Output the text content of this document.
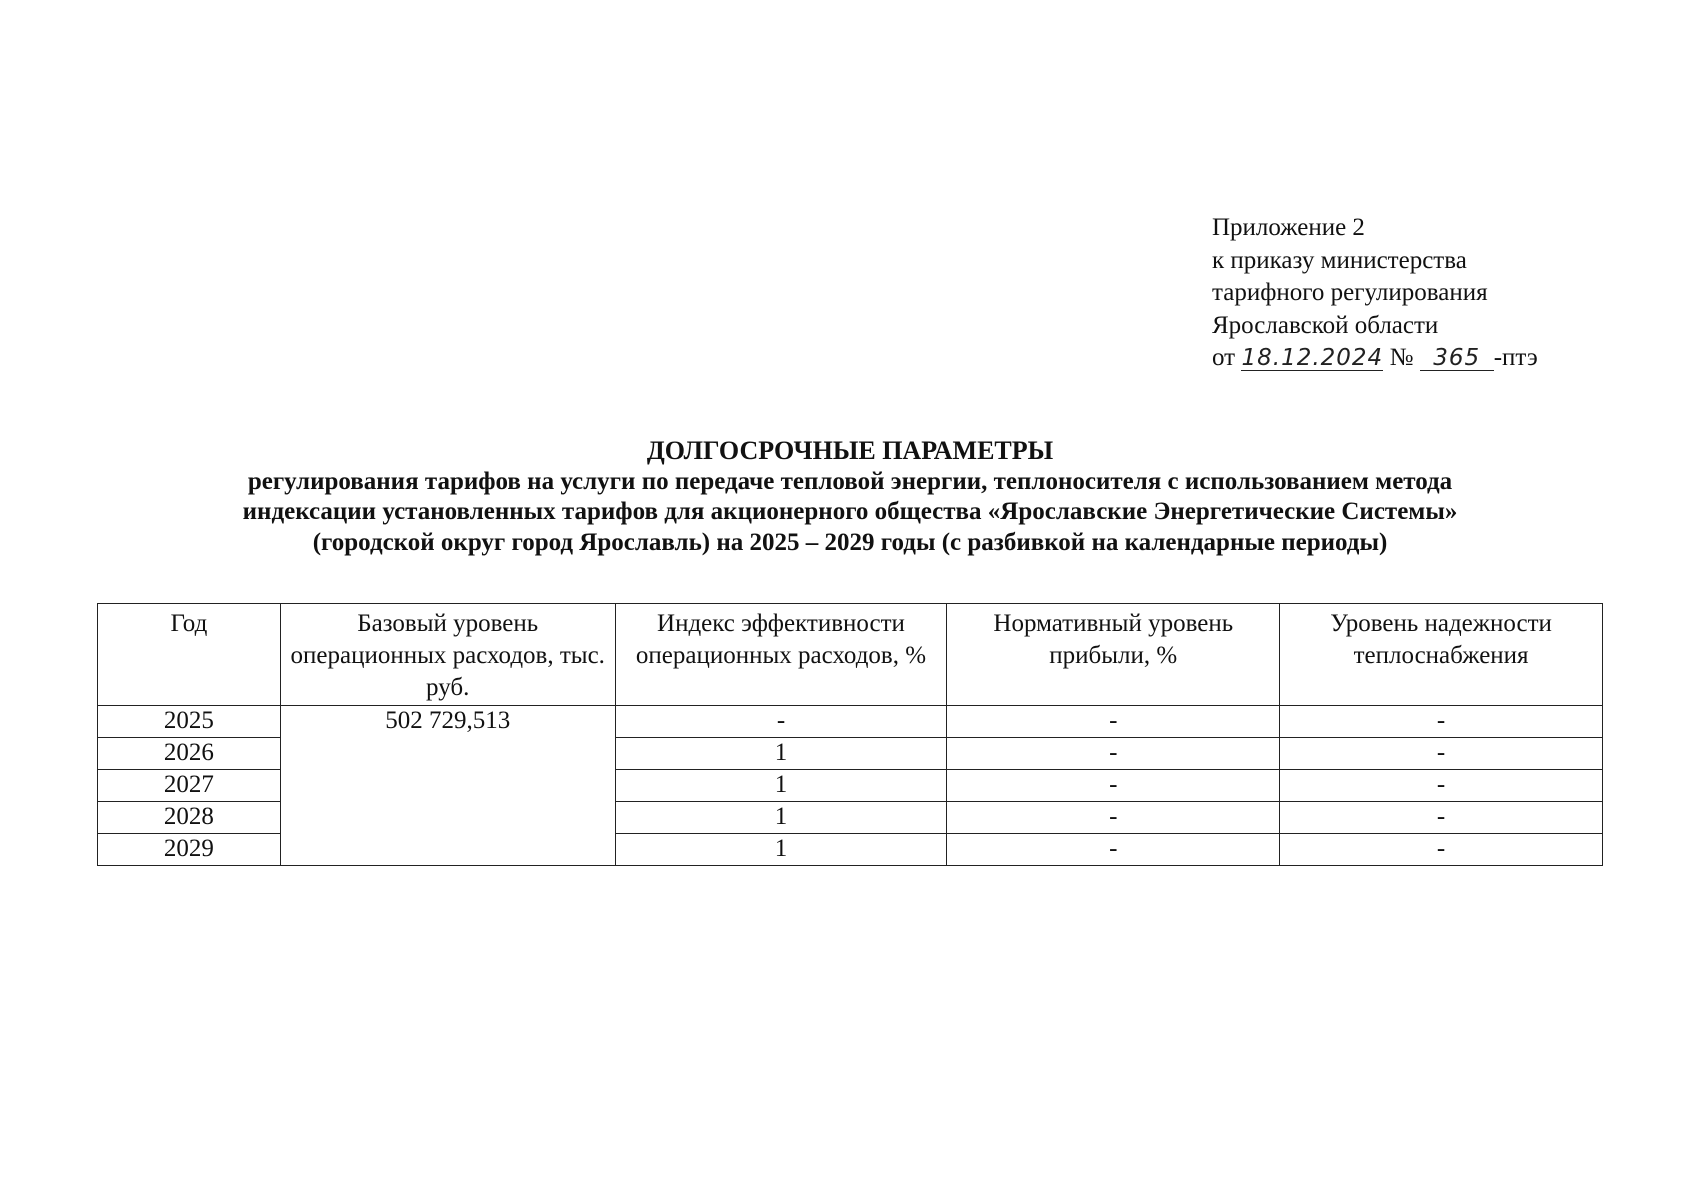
Приложение 2
к приказу министерства
тарифного регулирования
Ярославской области
от 18.12.2024 № 365 -птэ
ДОЛГОСРОЧНЫЕ ПАРАМЕТРЫ
регулирования тарифов на услуги по передаче тепловой энергии, теплоносителя с использованием метода
индексации установленных тарифов для акционерного общества «Ярославские Энергетические Системы»
(городской округ город Ярославль) на 2025 – 2029 годы (с разбивкой на календарные периоды)
Год	Базовый уровень операционных расходов, тыс. руб.	Индекс эффективности операционных расходов, %	Нормативный уровень прибыли, %	Уровень надежности теплоснабжения
2025	502 729,513	-	-	-
2026		1	-	-
2027		1	-	-
2028		1	-	-
2029		1	-	-
